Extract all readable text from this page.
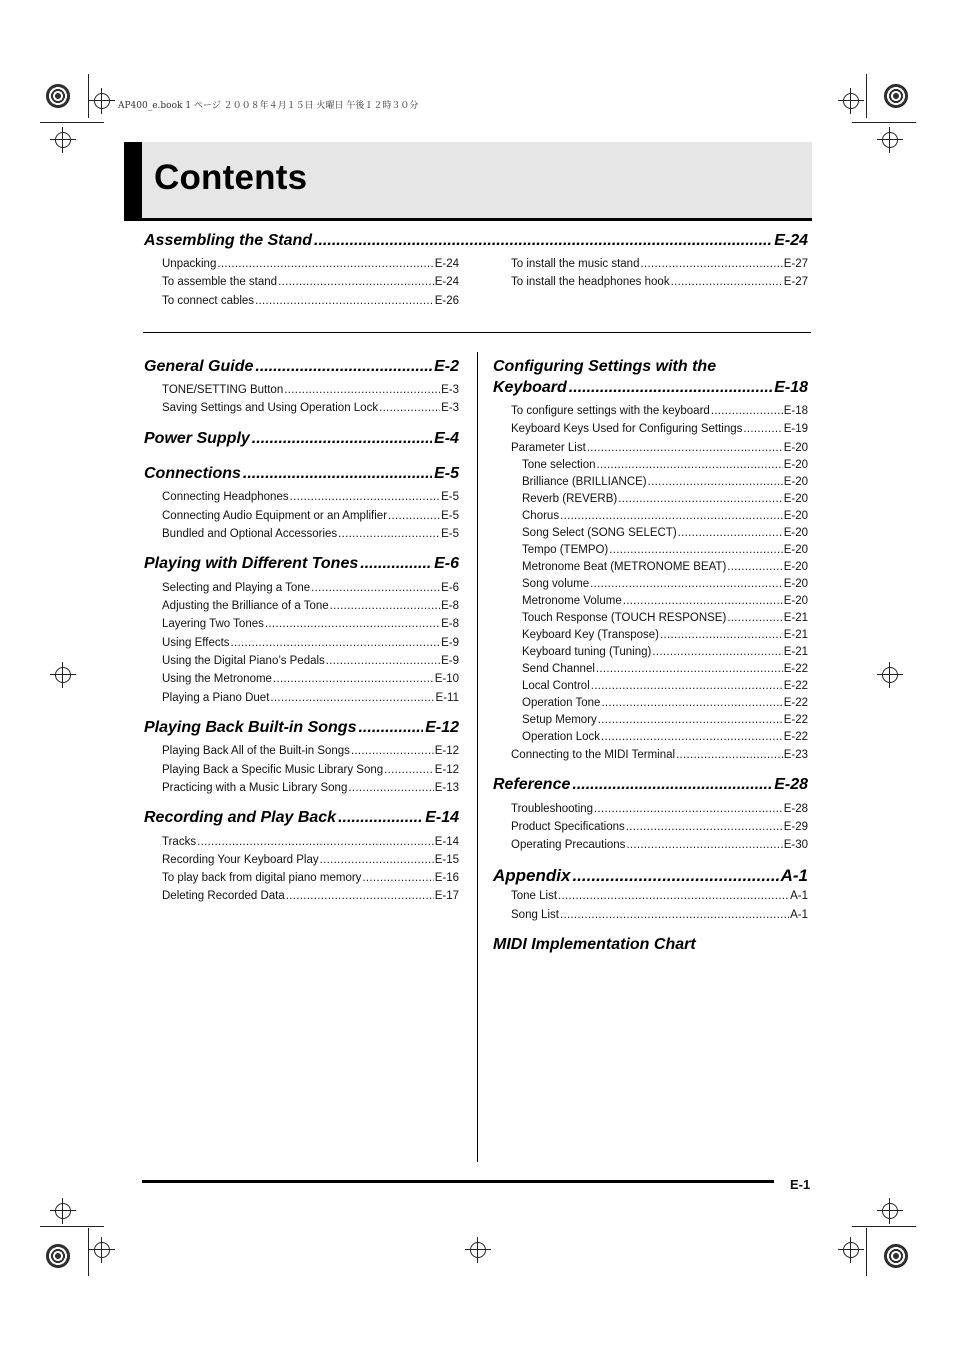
AP400_e.book 1 ページ ２００８年４月１５日 火曜日 午後１２時３０分
Contents
Assembling the Stand .....	E-24
Unpacking .....	E-24
To assemble the stand .....	E-24
To connect cables .....	E-26
To install the music stand .....	E-27
To install the headphones hook .....	E-27
General Guide .....	E-2
TONE/SETTING Button .....	E-3
Saving Settings and Using Operation Lock .....	E-3
Power Supply .....	E-4
Connections .....	E-5
Connecting Headphones .....	E-5
Connecting Audio Equipment or an Amplifier .....	E-5
Bundled and Optional Accessories .....	E-5
Playing with Different Tones .....	E-6
Selecting and Playing a Tone .....	E-6
Adjusting the Brilliance of a Tone .....	E-8
Layering Two Tones .....	E-8
Using Effects .....	E-9
Using the Digital Piano’s Pedals .....	E-9
Using the Metronome .....	E-10
Playing a Piano Duet .....	E-11
Playing Back Built-in Songs .....	E-12
Playing Back All of the Built-in Songs .....	E-12
Playing Back a Specific Music Library Song .....	E-12
Practicing with a Music Library Song .....	E-13
Recording and Play Back .....	E-14
Tracks .....	E-14
Recording Your Keyboard Play .....	E-15
To play back from digital piano memory .....	E-16
Deleting Recorded Data .....	E-17
Configuring Settings with the
Keyboard .....	E-18
To configure settings with the keyboard .....	E-18
Keyboard Keys Used for Configuring Settings .....	E-19
Parameter List .....	E-20
Tone selection .....	E-20
Brilliance (BRILLIANCE) .....	E-20
Reverb (REVERB) .....	E-20
Chorus .....	E-20
Song Select (SONG SELECT) .....	E-20
Tempo (TEMPO) .....	E-20
Metronome Beat (METRONOME BEAT) .....	E-20
Song volume .....	E-20
Metronome Volume .....	E-20
Touch Response (TOUCH RESPONSE) .....	E-21
Keyboard Key (Transpose) .....	E-21
Keyboard tuning (Tuning) .....	E-21
Send Channel .....	E-22
Local Control .....	E-22
Operation Tone .....	E-22
Setup Memory .....	E-22
Operation Lock .....	E-22
Connecting to the MIDI Terminal .....	E-23
Reference .....	E-28
Troubleshooting .....	E-28
Product Specifications .....	E-29
Operating Precautions .....	E-30
Appendix .....	A-1
Tone List .....	A-1
Song List .....	A-1
MIDI Implementation Chart
E-1
